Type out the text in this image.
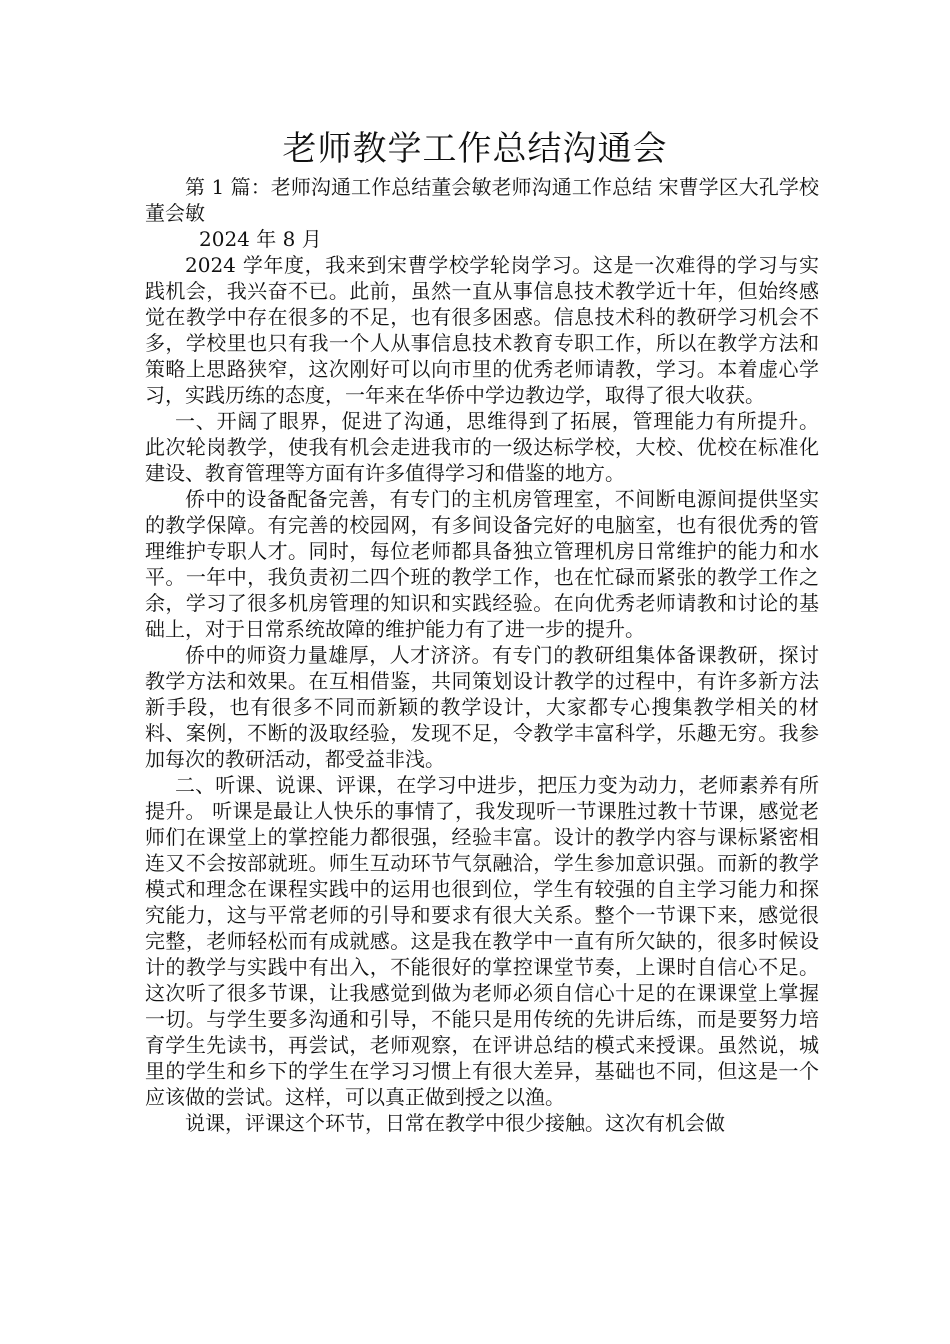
老师教学工作总结沟通会

第 1 篇：老师沟通工作总结董会敏老师沟通工作总结 宋曹学区大孔学校董会敏

2024 年 8 月

2024 学年度，我来到宋曹学校学轮岗学习。这是一次难得的学习与实践机会，我兴奋不已。此前，虽然一直从事信息技术教学近十年，但始终感觉在教学中存在很多的不足，也有很多困惑。信息技术科的教研学习机会不多，学校里也只有我一个人从事信息技术教育专职工作，所以在教学方法和策略上思路狭窄，这次刚好可以向市里的优秀老师请教，学习。本着虚心学习，实践历练的态度，一年来在华侨中学边教边学，取得了很大收获。

一、开阔了眼界，促进了沟通，思维得到了拓展，管理能力有所提升。 此次轮岗教学，使我有机会走进我市的一级达标学校，大校、优校在标准化建设、教育管理等方面有许多值得学习和借鉴的地方。

侨中的设备配备完善，有专门的主机房管理室，不间断电源间提供坚实的教学保障。有完善的校园网，有多间设备完好的电脑室，也有很优秀的管理维护专职人才。同时，每位老师都具备独立管理机房日常维护的能力和水平。一年中，我负责初二四个班的教学工作，也在忙碌而紧张的教学工作之余，学习了很多机房管理的知识和实践经验。在向优秀老师请教和讨论的基础上，对于日常系统故障的维护能力有了进一步的提升。

侨中的师资力量雄厚，人才济济。有专门的教研组集体备课教研，探讨教学方法和效果。在互相借鉴，共同策划设计教学的过程中，有许多新方法新手段，也有很多不同而新颖的教学设计，大家都专心搜集教学相关的材料、案例，不断的汲取经验，发现不足，令教学丰富科学，乐趣无穷。我参加每次的教研活动，都受益非浅。

二、听课、说课、评课，在学习中进步，把压力变为动力，老师素养有所提升。 听课是最让人快乐的事情了，我发现听一节课胜过教十节课，感觉老师们在课堂上的掌控能力都很强，经验丰富。设计的教学内容与课标紧密相连又不会按部就班。师生互动环节气氛融洽，学生参加意识强。而新的教学模式和理念在课程实践中的运用也很到位，学生有较强的自主学习能力和探究能力，这与平常老师的引导和要求有很大关系。整个一节课下来，感觉很完整，老师轻松而有成就感。这是我在教学中一直有所欠缺的，很多时候设计的教学与实践中有出入，不能很好的掌控课堂节奏，上课时自信心不足。这次听了很多节课，让我感觉到做为老师必须自信心十足的在课课堂上掌握一切。与学生要多沟通和引导，不能只是用传统的先讲后练，而是要努力培育学生先读书，再尝试，老师观察，在评讲总结的模式来授课。虽然说，城里的学生和乡下的学生在学习习惯上有很大差异，基础也不同，但这是一个应该做的尝试。这样，可以真正做到授之以渔。

说课，评课这个环节，日常在教学中很少接触。这次有机会做
